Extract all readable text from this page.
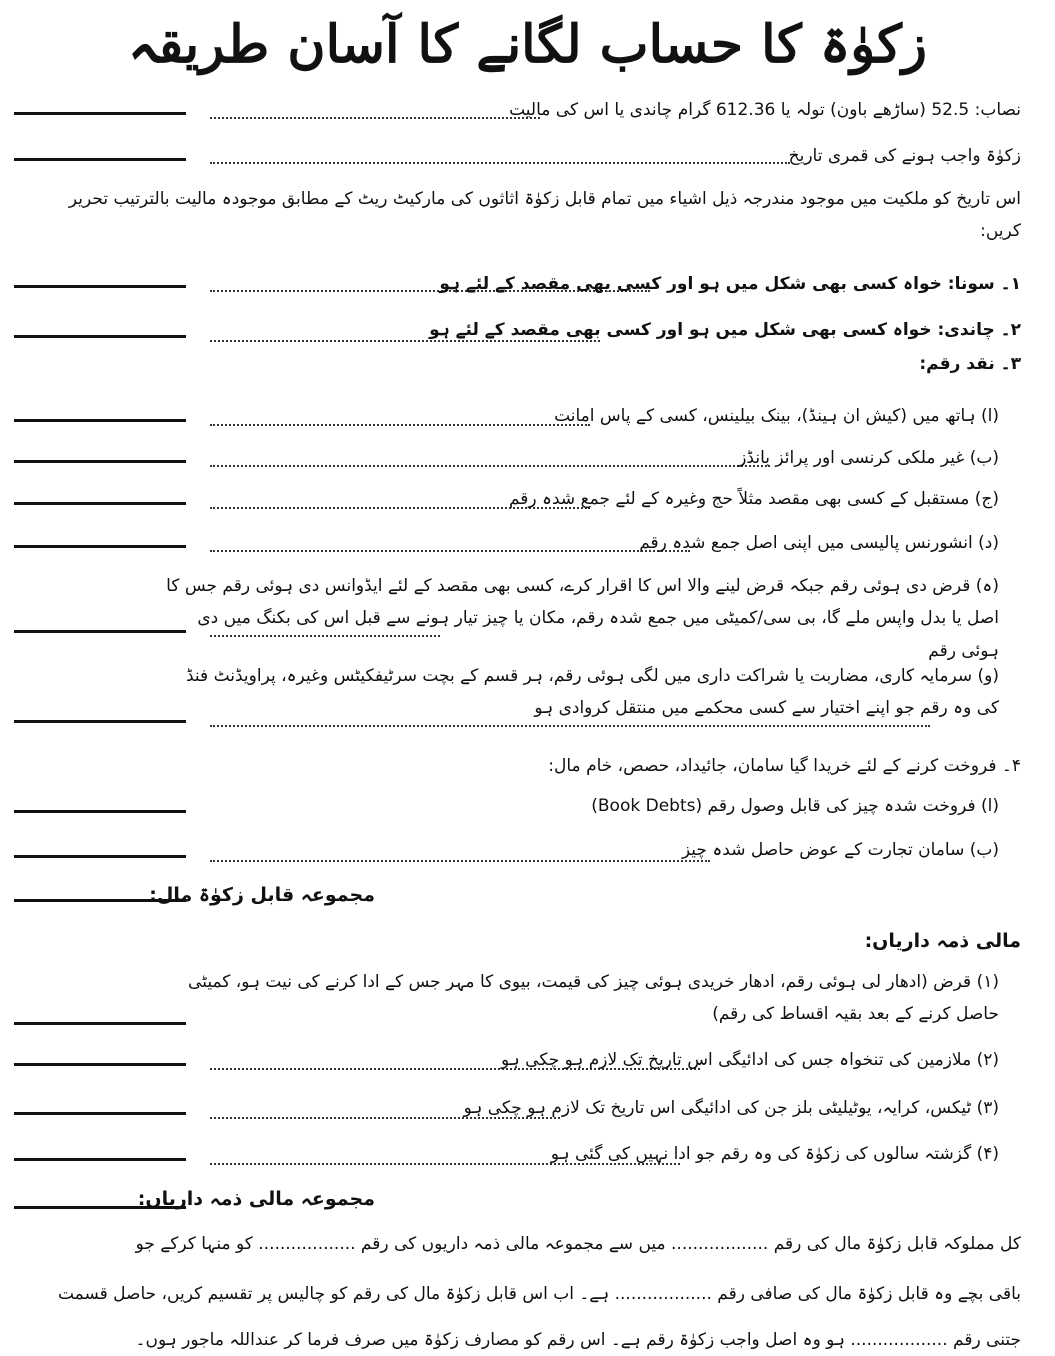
زکوٰۃ کا حساب لگانے کا آسان طریقہ
نصاب: 52.5 (ساڑھے باون) تولہ یا 612.36 گرام چاندی یا اس کی مالیت
زکوٰۃ واجب ہونے کی قمری تاریخ
اس تاریخ کو ملکیت میں موجود مندرجہ ذیل اشیاء میں تمام قابل زکوٰۃ اثاثوں کی مارکیٹ ریٹ کے مطابق موجودہ مالیت بالترتیب تحریر کریں:
۱۔ سونا: خواہ کسی بھی شکل میں ہو اور کسی بھی مقصد کے لئے ہو
۲۔ چاندی: خواہ کسی بھی شکل میں ہو اور کسی بھی مقصد کے لئے ہو
۳۔ نقد رقم:
(ا) ہاتھ میں (کیش ان ہینڈ)، بینک بیلینس، کسی کے پاس امانت
(ب) غیر ملکی کرنسی اور پرائز بانڈز
(ج) مستقبل کے کسی بھی مقصد مثلاً حج وغیرہ کے لئے جمع شدہ رقم
(د) انشورنس پالیسی میں اپنی اصل جمع شدہ رقم
(ہ) قرض دی ہوئی رقم جبکہ قرض لینے والا اس کا اقرار کرے، کسی بھی مقصد کے لئے ایڈوانس دی ہوئی رقم جس کا اصل یا بدل واپس ملے گا، بی سی/کمیٹی میں جمع شدہ رقم، مکان یا چیز تیار ہونے سے قبل اس کی بکنگ میں دی ہوئی رقم
(و) سرمایہ کاری، مضاربت یا شراکت داری میں لگی ہوئی رقم، ہر قسم کے بچت سرٹیفکیٹس وغیرہ، پراویڈنٹ فنڈ کی وہ رقم جو اپنے اختیار سے کسی محکمے میں منتقل کروادی ہو
۴۔ فروخت کرنے کے لئے خریدا گیا سامان، جائیداد، حصص، خام مال:
(ا) فروخت شدہ چیز کی قابل وصول رقم (Book Debts)
(ب) سامان تجارت کے عوض حاصل شدہ چیز
مجموعہ قابل زکوٰۃ مال:
مالی ذمہ داریاں:
(۱) قرض (ادھار لی ہوئی رقم، ادھار خریدی ہوئی چیز کی قیمت، بیوی کا مہر جس کے ادا کرنے کی نیت ہو، کمیٹی حاصل کرنے کے بعد بقیہ اقساط کی رقم)
(۲) ملازمین کی تنخواہ جس کی ادائیگی اس تاریخ تک لازم ہو چکی ہو
(۳) ٹیکس، کرایہ، یوٹیلیٹی بلز جن کی ادائیگی اس تاریخ تک لازم ہو چکی ہو
(۴) گزشتہ سالوں کی زکوٰۃ کی وہ رقم جو ادا نہیں کی گئی ہو
مجموعہ مالی ذمہ داریاں:
کل مملوکہ قابل زکوٰۃ مال کی رقم .................. میں سے مجموعہ مالی ذمہ داریوں کی رقم .................. کو منہا کرکے جو
باقی بچے وہ قابل زکوٰۃ مال کی صافی رقم .................. ہے۔ اب اس قابل زکوٰۃ مال کی رقم کو چالیس پر تقسیم کریں، حاصل قسمت
جتنی رقم .................. ہو وہ اصل واجب زکوٰۃ رقم ہے۔ اس رقم کو مصارف زکوٰۃ میں صرف فرما کر عنداللہ ماجور ہوں۔
